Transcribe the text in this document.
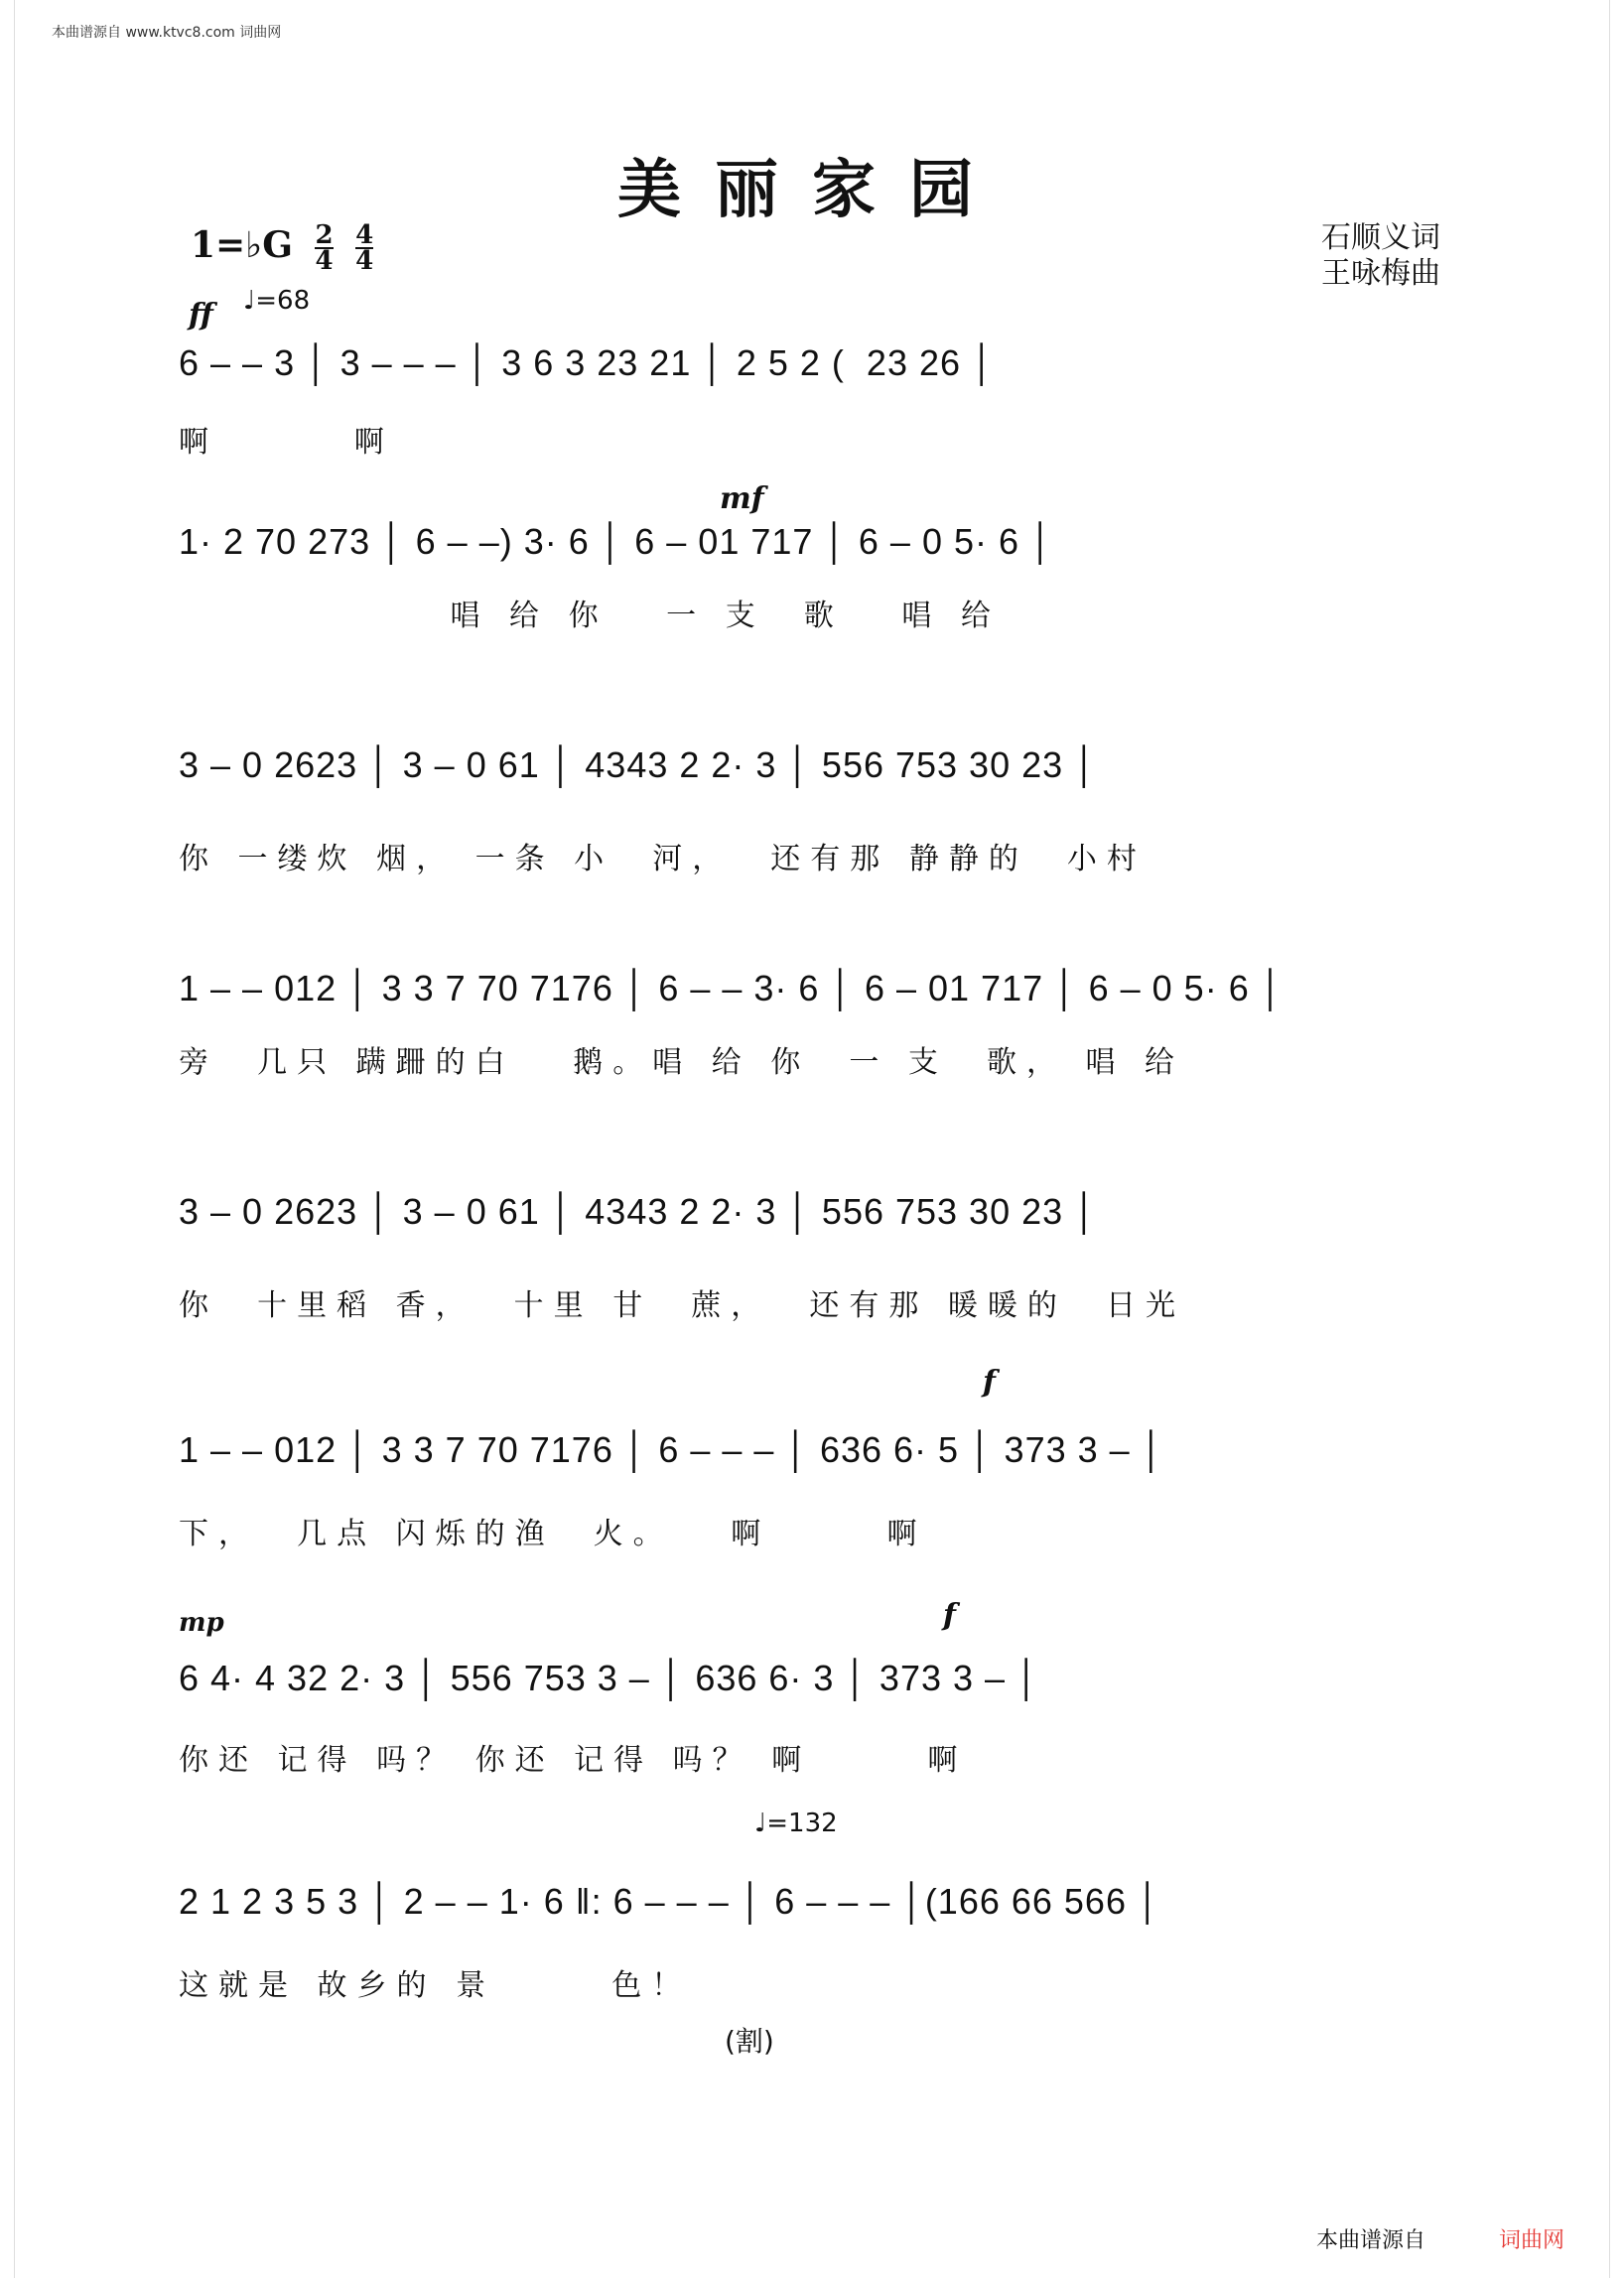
本曲谱源自 www.ktvc8.com 词曲网
美丽家园
石顺义词
王咏梅曲
1=♭G $\frac{2}{4}$
$\frac{4}{4}$
ff ♩=68
6 – – 3 │ 3 – – – │ 3 6 3 23 21 │ 2 5 2 (  23 26 │
啊       啊
mf
1· 2 70 273 │ 6 – –) 3· 6 │ 6 – 01 717 │ 6 – 0 5· 6 │
唱 给 你   一 支  歌   唱 给
3 – 0 2623 │ 3 – 0 61 │ 4343 2 2· 3 │ 556 753 30 23 │
你 一缕炊 烟， 一条 小  河，  还有那 静静的  小村
1 – – 012 │ 3 3 7 70 7176 │ 6 – – 3· 6 │ 6 – 01 717 │ 6 – 0 5· 6 │
旁  几只 蹒跚的白   鹅。唱 给 你  一 支  歌， 唱 给
3 – 0 2623 │ 3 – 0 61 │ 4343 2 2· 3 │ 556 753 30 23 │
你  十里稻 香，  十里 甘  蔗，  还有那 暖暖的  日光
f
1 – – 012 │ 3 3 7 70 7176 │ 6 – – – │ 636 6· 5 │ 373 3 – │
下，  几点 闪烁的渔  火。   啊      啊
mp	f
6 4· 4 32 2· 3 │ 556 753 3 – │ 636 6· 3 │ 373 3 – │
你还 记得 吗？ 你还 记得 吗？ 啊      啊
♩=132
2 1 2 3 5 3 │ 2 – – 1· 6 ‖: 6 – – – │ 6 – – – │(166 66 566 │
这就是 故乡的 景      色！
(割)
本曲谱源自	词曲网
